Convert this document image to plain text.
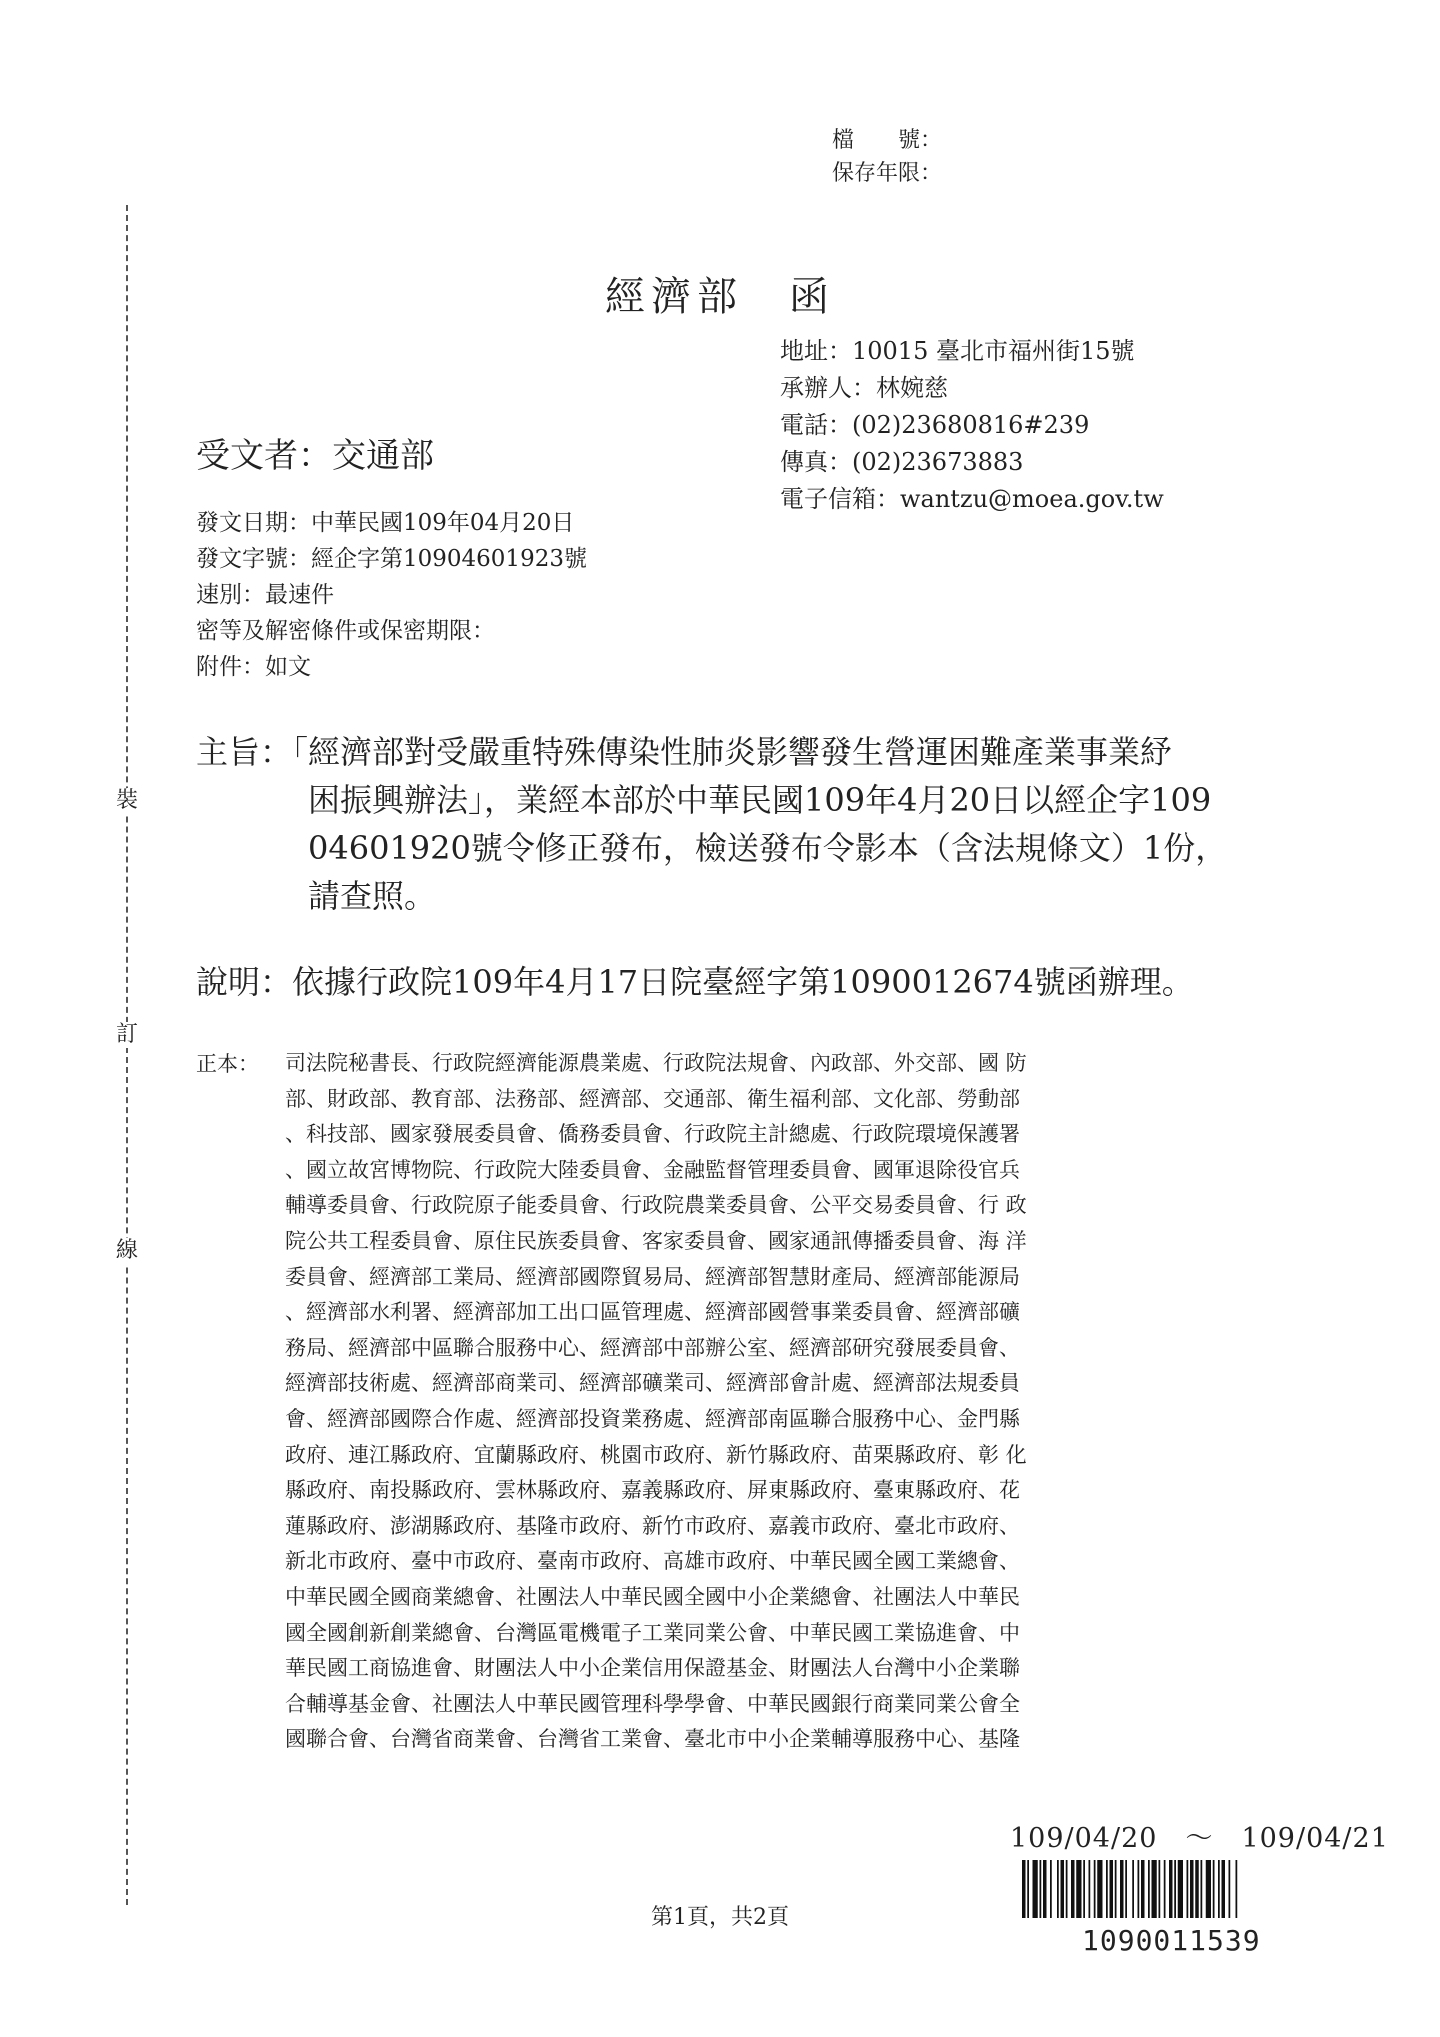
裝
訂
線
檔　　號：
保存年限：
經濟部　函
地址：10015 臺北市福州街15號
承辦人：林婉慈
電話：(02)23680816#239
傳真：(02)23673883
電子信箱：wantzu@moea.gov.tw
受文者：交通部
發文日期：中華民國109年04月20日
發文字號：經企字第10904601923號
速別：最速件
密等及解密條件或保密期限：
附件：如文
主旨：「經濟部對受嚴重特殊傳染性肺炎影響發生營運困難產業事業紓
困振興辦法」，業經本部於中華民國109年4月20日以經企字109
04601920號令修正發布，檢送發布令影本（含法規條文）1份，
請查照。
說明：依據行政院109年4月17日院臺經字第1090012674號函辦理。
正本： 司法院秘書長、行政院經濟能源農業處、行政院法規會、內政部、外交部、國 防
部、財政部、教育部、法務部、經濟部、交通部、衛生福利部、文化部、勞動部
、科技部、國家發展委員會、僑務委員會、行政院主計總處、行政院環境保護署
、國立故宮博物院、行政院大陸委員會、金融監督管理委員會、國軍退除役官兵
輔導委員會、行政院原子能委員會、行政院農業委員會、公平交易委員會、行 政
院公共工程委員會、原住民族委員會、客家委員會、國家通訊傳播委員會、海 洋
委員會、經濟部工業局、經濟部國際貿易局、經濟部智慧財產局、經濟部能源局
、經濟部水利署、經濟部加工出口區管理處、經濟部國營事業委員會、經濟部礦
務局、經濟部中區聯合服務中心、經濟部中部辦公室、經濟部研究發展委員會、
經濟部技術處、經濟部商業司、經濟部礦業司、經濟部會計處、經濟部法規委員
會、經濟部國際合作處、經濟部投資業務處、經濟部南區聯合服務中心、金門縣
政府、連江縣政府、宜蘭縣政府、桃園市政府、新竹縣政府、苗栗縣政府、彰 化
縣政府、南投縣政府、雲林縣政府、嘉義縣政府、屏東縣政府、臺東縣政府、花
蓮縣政府、澎湖縣政府、基隆市政府、新竹市政府、嘉義市政府、臺北市政府、
新北市政府、臺中市政府、臺南市政府、高雄市政府、中華民國全國工業總會、
中華民國全國商業總會、社團法人中華民國全國中小企業總會、社團法人中華民
國全國創新創業總會、台灣區電機電子工業同業公會、中華民國工業協進會、中
華民國工商協進會、財團法人中小企業信用保證基金、財團法人台灣中小企業聯
合輔導基金會、社團法人中華民國管理科學學會、中華民國銀行商業同業公會全
國聯合會、台灣省商業會、台灣省工業會、臺北市中小企業輔導服務中心、基隆
109/04/20　～　109/04/21
第1頁，共2頁
1090011539
